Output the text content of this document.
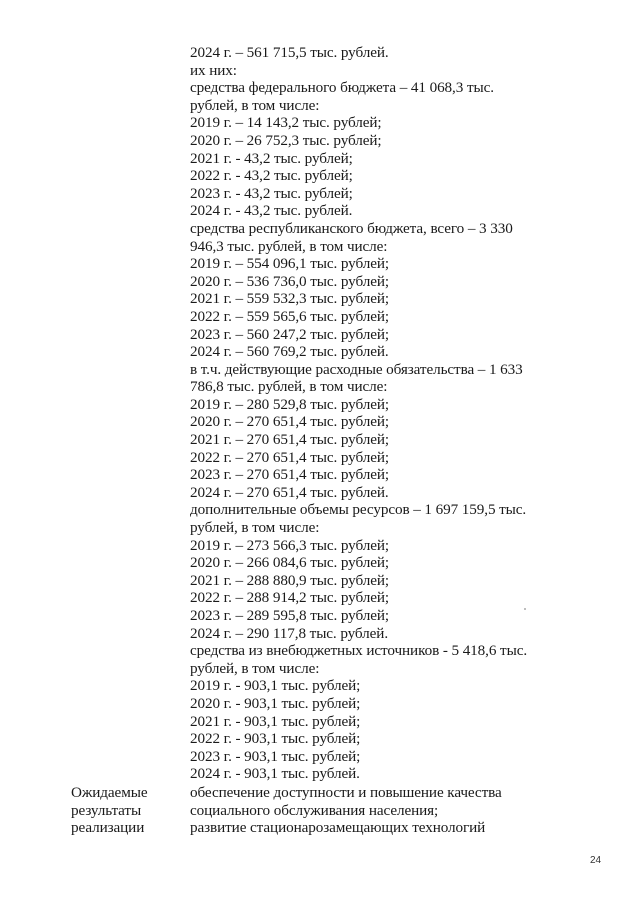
2024 г. – 561 715,5 тыс. рублей.
их них:
средства федерального бюджета – 41 068,3 тыс.
рублей, в том числе:
2019 г. – 14 143,2 тыс. рублей;
2020 г. – 26 752,3 тыс. рублей;
2021 г. - 43,2 тыс. рублей;
2022 г. - 43,2 тыс. рублей;
2023 г. - 43,2 тыс. рублей;
2024 г. - 43,2 тыс. рублей.
средства республиканского бюджета, всего – 3 330
946,3 тыс. рублей, в том числе:
2019 г. – 554 096,1 тыс. рублей;
2020 г. – 536 736,0 тыс. рублей;
2021 г. – 559 532,3 тыс. рублей;
2022 г. – 559 565,6 тыс. рублей;
2023 г. – 560 247,2 тыс. рублей;
2024 г. – 560 769,2 тыс. рублей.
в т.ч. действующие расходные обязательства – 1 633
786,8 тыс. рублей, в том числе:
2019 г. – 280 529,8 тыс. рублей;
2020 г. – 270 651,4 тыс. рублей;
2021 г. – 270 651,4 тыс. рублей;
2022 г. – 270 651,4 тыс. рублей;
2023 г. – 270 651,4 тыс. рублей;
2024 г. – 270 651,4 тыс. рублей.
дополнительные объемы ресурсов – 1 697 159,5 тыс.
рублей, в том числе:
2019 г. – 273 566,3 тыс. рублей;
2020 г. – 266 084,6 тыс. рублей;
2021 г. – 288 880,9 тыс. рублей;
2022 г. – 288 914,2 тыс. рублей;
2023 г. – 289 595,8 тыс. рублей;
2024 г. – 290 117,8 тыс. рублей.
средства из внебюджетных источников - 5 418,6 тыс.
рублей, в том числе:
2019 г. - 903,1 тыс. рублей;
2020 г. - 903,1 тыс. рублей;
2021 г. - 903,1 тыс. рублей;
2022 г. - 903,1 тыс. рублей;
2023 г. - 903,1 тыс. рублей;
2024 г. - 903,1 тыс. рублей.
Ожидаемые
результаты
реализации
обеспечение доступности и повышение качества
социального обслуживания населения;
развитие стационарозамещающих технологий
24
